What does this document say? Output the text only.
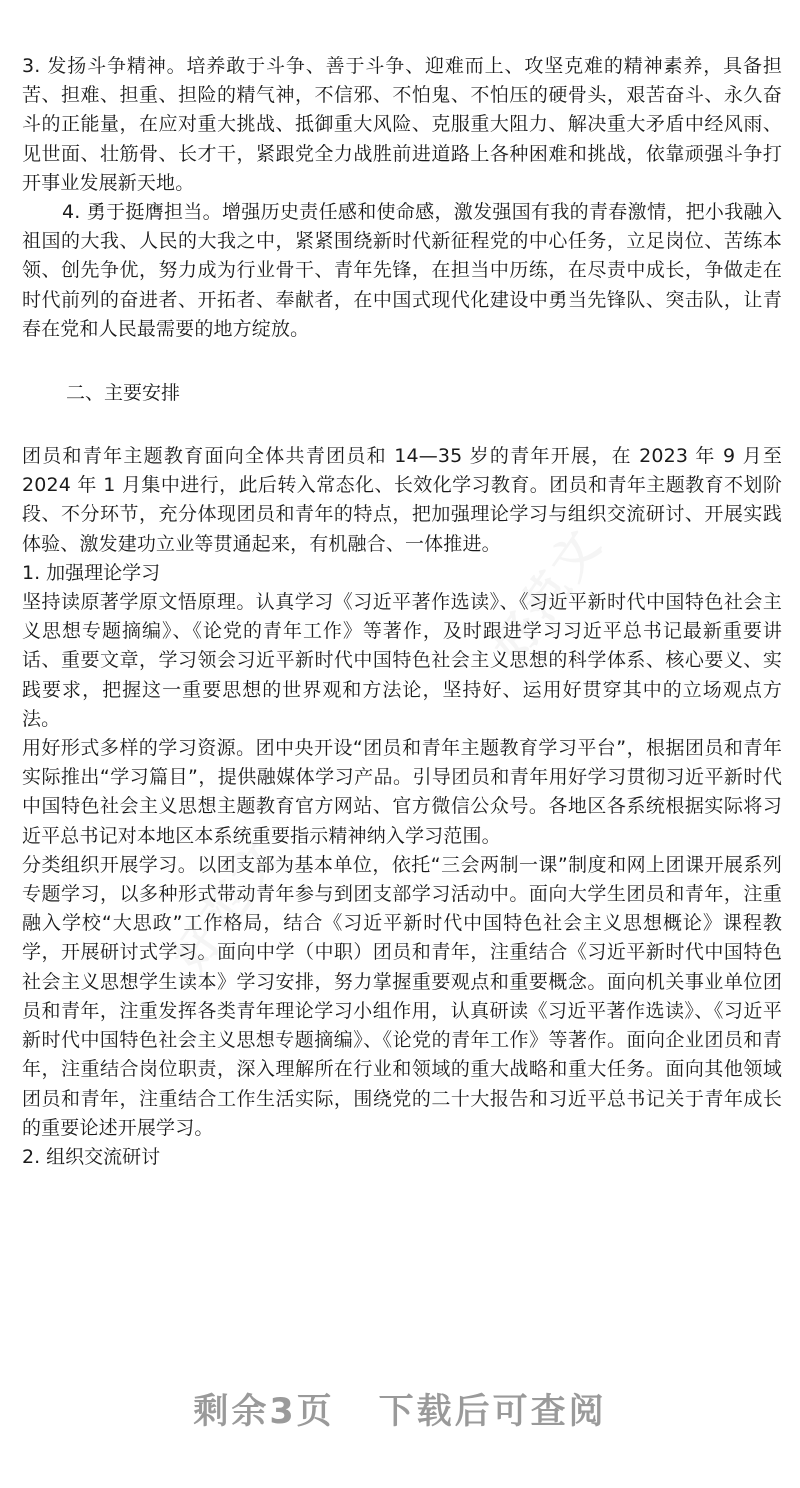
好范文
好范文

3. 发扬斗争精神。培养敢于斗争、善于斗争、迎难而上、攻坚克难的精神素养，具备担苦、担难、担重、担险的精气神，不信邪、不怕鬼、不怕压的硬骨头，艰苦奋斗、永久奋斗的正能量，在应对重大挑战、抵御重大风险、克服重大阻力、解决重大矛盾中经风雨、见世面、壮筋骨、长才干，紧跟党全力战胜前进道路上各种困难和挑战，依靠顽强斗争打开事业发展新天地。

4. 勇于挺膺担当。增强历史责任感和使命感，激发强国有我的青春激情，把小我融入祖国的大我、人民的大我之中，紧紧围绕新时代新征程党的中心任务，立足岗位、苦练本领、创先争优，努力成为行业骨干、青年先锋，在担当中历练，在尽责中成长，争做走在时代前列的奋进者、开拓者、奉献者，在中国式现代化建设中勇当先锋队、突击队，让青春在党和人民最需要的地方绽放。

二、主要安排

团员和青年主题教育面向全体共青团员和 14—35 岁的青年开展，在 2023 年 9 月至 2024 年 1 月集中进行，此后转入常态化、长效化学习教育。团员和青年主题教育不划阶段、不分环节，充分体现团员和青年的特点，把加强理论学习与组织交流研讨、开展实践体验、激发建功立业等贯通起来，有机融合、一体推进。

1. 加强理论学习

坚持读原著学原文悟原理。认真学习《习近平著作选读》、《习近平新时代中国特色社会主义思想专题摘编》、《论党的青年工作》等著作，及时跟进学习习近平总书记最新重要讲话、重要文章，学习领会习近平新时代中国特色社会主义思想的科学体系、核心要义、实践要求，把握这一重要思想的世界观和方法论，坚持好、运用好贯穿其中的立场观点方法。

用好形式多样的学习资源。团中央开设“团员和青年主题教育学习平台”，根据团员和青年实际推出“学习篇目”，提供融媒体学习产品。引导团员和青年用好学习贯彻习近平新时代中国特色社会主义思想主题教育官方网站、官方微信公众号。各地区各系统根据实际将习近平总书记对本地区本系统重要指示精神纳入学习范围。

分类组织开展学习。以团支部为基本单位，依托“三会两制一课”制度和网上团课开展系列专题学习，以多种形式带动青年参与到团支部学习活动中。面向大学生团员和青年，注重融入学校“大思政”工作格局，结合《习近平新时代中国特色社会主义思想概论》课程教学，开展研讨式学习。面向中学（中职）团员和青年，注重结合《习近平新时代中国特色社会主义思想学生读本》学习安排，努力掌握重要观点和重要概念。面向机关事业单位团员和青年，注重发挥各类青年理论学习小组作用，认真研读《习近平著作选读》、《习近平新时代中国特色社会主义思想专题摘编》、《论党的青年工作》等著作。面向企业团员和青年，注重结合岗位职责，深入理解所在行业和领域的重大战略和重大任务。面向其他领域团员和青年，注重结合工作生活实际，围绕党的二十大报告和习近平总书记关于青年成长的重要论述开展学习。

2. 组织交流研讨

剩余3页 下载后可查阅
